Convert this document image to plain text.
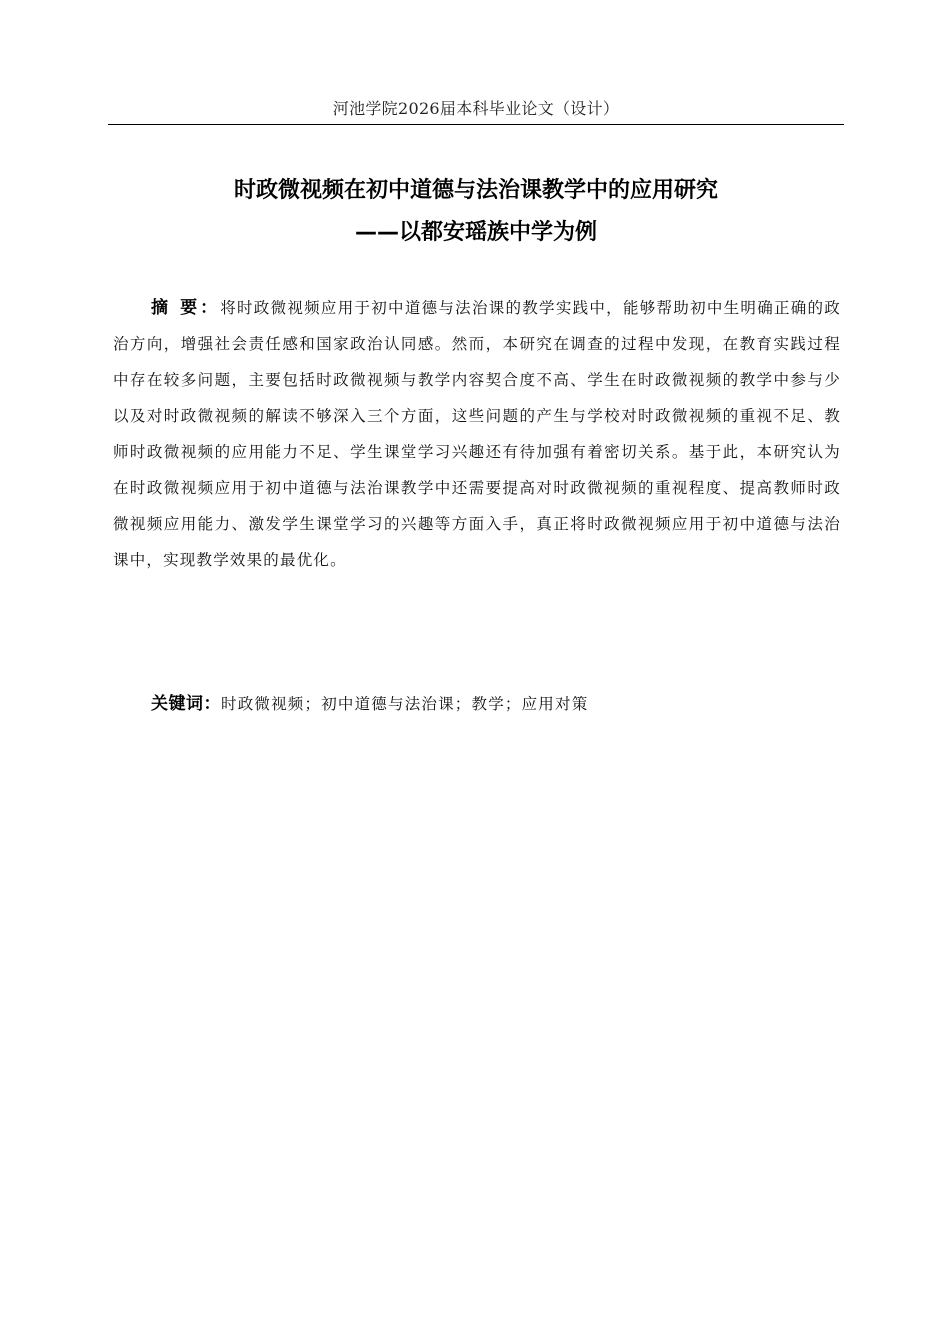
河池学院2026届本科毕业论文（设计）
时政微视频在初中道德与法治课教学中的应用研究
——以都安瑶族中学为例
摘 要：将时政微视频应用于初中道德与法治课的教学实践中，能够帮助初中生明确正确的政治方向，增强社会责任感和国家政治认同感。然而，本研究在调查的过程中发现，在教育实践过程中存在较多问题，主要包括时政微视频与教学内容契合度不高、学生在时政微视频的教学中参与少以及对时政微视频的解读不够深入三个方面，这些问题的产生与学校对时政微视频的重视不足、教师时政微视频的应用能力不足、学生课堂学习兴趣还有待加强有着密切关系。基于此，本研究认为在时政微视频应用于初中道德与法治课教学中还需要提高对时政微视频的重视程度、提高教师时政微视频应用能力、激发学生课堂学习的兴趣等方面入手，真正将时政微视频应用于初中道德与法治课中，实现教学效果的最优化。
关键词：时政微视频；初中道德与法治课；教学；应用对策
